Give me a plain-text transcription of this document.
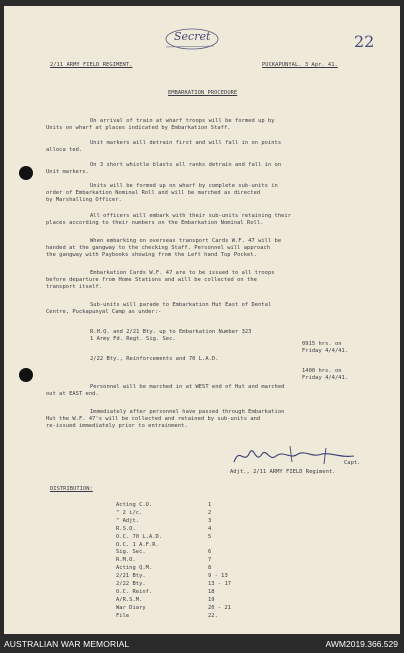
Secret	22
2/11 ARMY FIELD REGIMENT.	PUCKAPUNYAL. 3 Apr. 41.
EMBARKATION PROCEDURE
On arrival of train at wharf troops will be formed up by
Units on wharf at places indicated by Embarkation Staff.
Unit markers will detrain first and will fall in on points
alloca ted.
On 3 short whistle blasts all ranks detrain and fall in on
Unit markers.
Units will be formed up on wharf by complete sub-units in
order of Embarkation Nominal Roll and will be marched as directed
by Marshalling Officer.
All officers will embark with their sub-units retaining their
places according to their numbers on the Embarkation Nominal Roll.
When embarking on overseas transport Cards W.F. 47 will be
handed at the gangway to the checking Staff. Personnel will approach
the gangway with Paybooks showing from the Left hand Top Pocket.
Embarkation Cards W.F. 47 are to be issued to all troops
before departure from Home Stations and will be collected on the
transport itself.
Sub-units will parade to Embarkation Hut East of Dental
Centre, Puckapunyal Camp as under:-
R.H.Q. and 2/21 Bty. up to Embarkation Number 323
1 Army Fd. Regt. Sig. Sec.
0915 hrs. on
Friday 4/4/41.
2/22 Bty., Reinforcements and 70 L.A.D.
1400 hrs. on
Friday 4/4/41.
Personnel will be marched in at WEST end of Hut and marched
out at EAST end.
Immediately after personnel have passed through Embarkation
Hut the W.F. 47's will be collected and retained by sub-units and
re-issued immediately prior to entrainment.
Capt.
Adjt., 2/11 ARMY FIELD Regiment.
DISTRIBUTION:
Acting C.O.	1
" 2 i/c.	2
" Adjt.	3
R.S.O.	4
O.C. 70 L.A.D.	5
O.C. 1 A.F.R.
Sig. Sec.	6
R.M.O.	7
Acting Q.M.	8
2/21 Bty.	9 - 13
2/22 Bty.	13 - 17
O.C. Reinf.	18
A/R.S.M.	19
War Diary	20 - 21
File	22.
AUSTRALIAN WAR MEMORIAL	AWM2019.366.529
